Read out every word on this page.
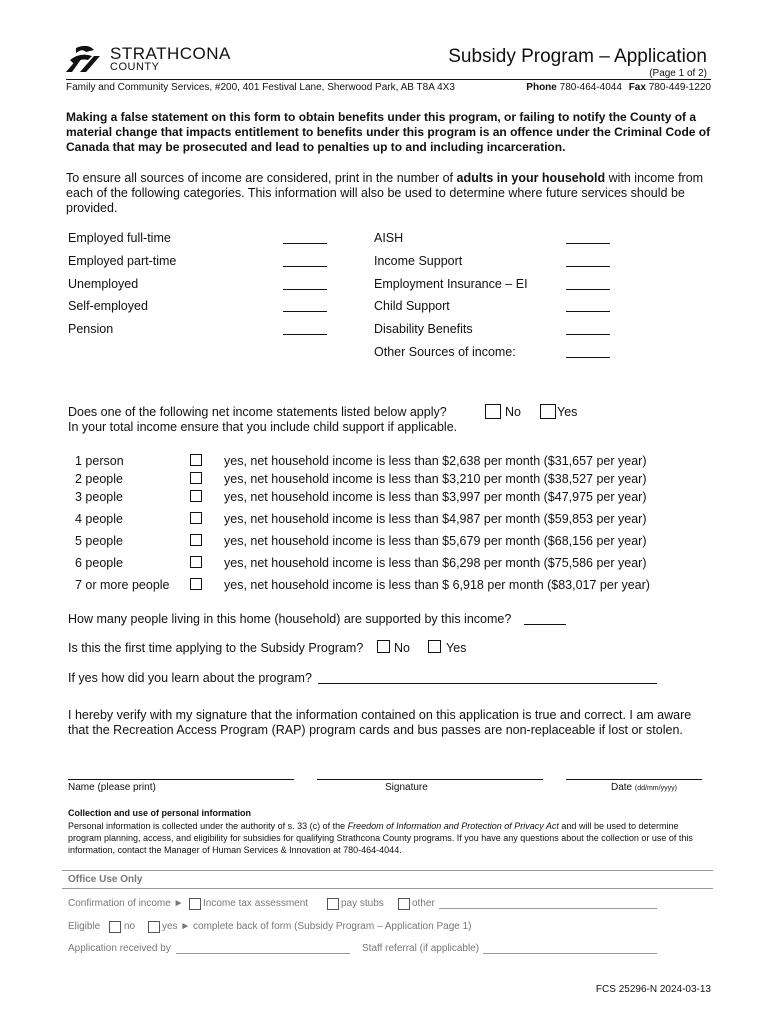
STRATHCONA
COUNTY	Subsidy Program – Application
(Page 1 of 2)
Family and Community Services, #200, 401 Festival Lane, Sherwood Park, AB T8A 4X3	Phone 780-464-4044 Fax 780-449-1220
Making a false statement on this form to obtain benefits under this program, or failing to notify the County of a material change that impacts entitlement to benefits under this program is an offence under the Criminal Code of Canada that may be prosecuted and lead to penalties up to and including incarceration.
To ensure all sources of income are considered, print in the number of adults in your household with income from each of the following categories. This information will also be used to determine where future services should be provided.
Employed full-time
Employed part-time
Unemployed
Self-employed
Pension
AISH
Income Support
Employment Insurance – EI
Child Support
Disability Benefits
Other Sources of income:
Does one of the following net income statements listed below apply?
In your total income ensure that you include child support if applicable.
No	Yes
1 person	yes, net household income is less than $2,638 per month ($31,657 per year)
2 people	yes, net household income is less than $3,210 per month ($38,527 per year)
3 people	yes, net household income is less than $3,997 per month ($47,975 per year)
4 people	yes, net household income is less than $4,987 per month ($59,853 per year)
5 people	yes, net household income is less than $5,679 per month ($68,156 per year)
6 people	yes, net household income is less than $6,298 per month ($75,586 per year)
7 or more people	yes, net household income is less than $ 6,918 per month ($83,017 per year)
How many people living in this home (household) are supported by this income?
Is this the first time applying to the Subsidy Program? No	Yes
If yes how did you learn about the program?
I hereby verify with my signature that the information contained on this application is true and correct. I am aware that the Recreation Access Program (RAP) program cards and bus passes are non-replaceable if lost or stolen.
Name (please print)	Signature	Date (dd/mm/yyyy)
Collection and use of personal information
Personal information is collected under the authority of s. 33 (c) of the Freedom of Information and Protection of Privacy Act and will be used to determine program planning, access, and eligibility for subsidies for qualifying Strathcona County programs. If you have any questions about the collection or use of this information, contact the Manager of Human Services & Innovation at 780-464-4044.
Office Use Only
Confirmation of income ► Income tax assessment	pay stubs	other
Eligible no	yes ► complete back of form (Subsidy Program – Application Page 1)
Application received by	Staff referral (if applicable)
FCS 25296-N 2024-03-13
